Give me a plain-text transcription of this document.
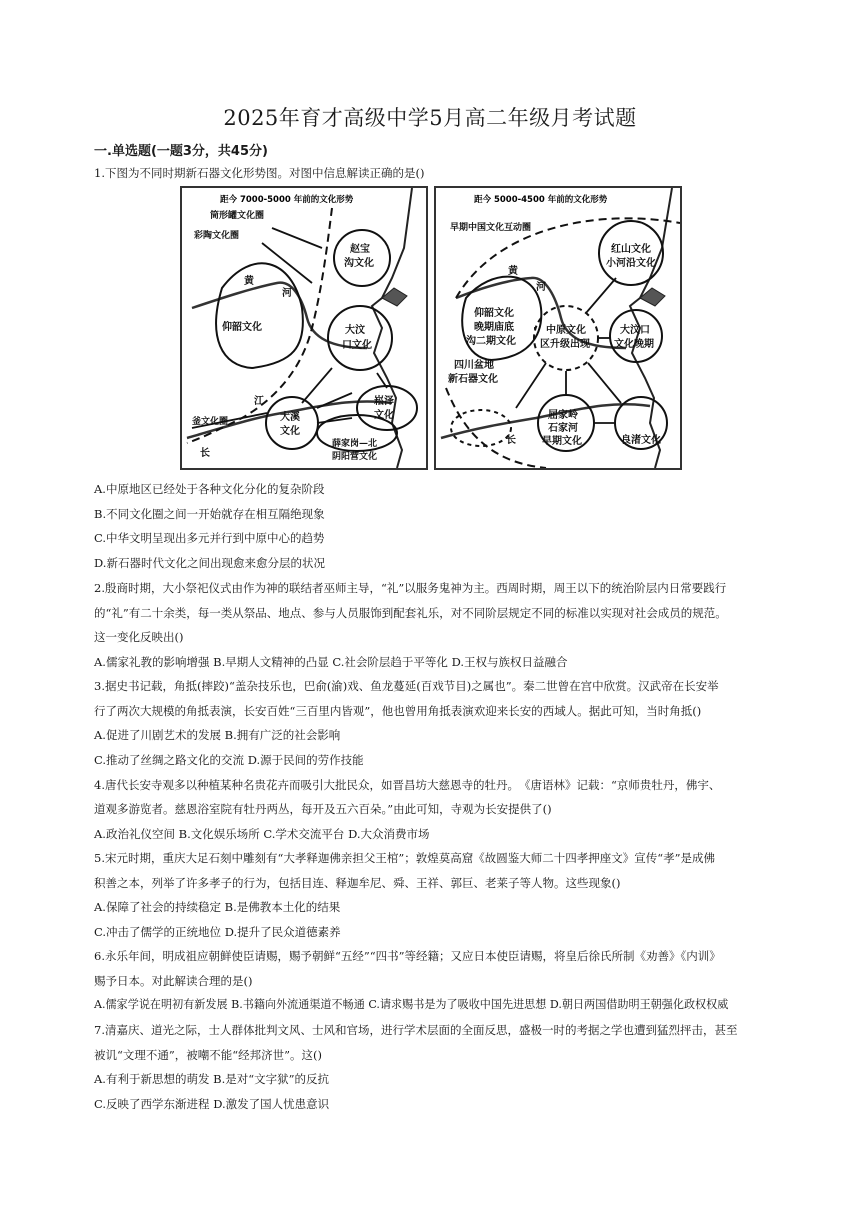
2025年育才高级中学5月高二年级月考试题
一.单选题(一题3分，共45分)
1.下图为不同时期新石器文化形势图。对图中信息解读正确的是()
距今 7000-5000 年前的文化形势
筒形罐文化圈
彩陶文化圈
赵宝
沟文化
黄
河
仰韶文化	大汶
口文化
江
大溪
文化
崧泽
文化
薛家岗—北
阴阳营文化
釜文化圈
长
距今 5000-4500 年前的文化形势
早期中国文化互动圈
红山文化
小河沿文化
黄
河
仰韶文化
晚期庙底
沟二期文化
中原文化
区升级出现
大汶口
文化晚期
四川盆地
新石器文化
屈家岭
石家河
早期文化
长	良渚文化
A.中原地区已经处于各种文化分化的复杂阶段
B.不同文化圈之间一开始就存在相互隔绝现象
C.中华文明呈现出多元并行到中原中心的趋势
D.新石器时代文化之间出现愈来愈分层的状况
2.殷商时期，大小祭祀仪式由作为神的联结者巫师主导，“礼”以服务鬼神为主。西周时期，周王以下的统治阶层内日常要践行
的“礼”有二十余类，每一类从祭品、地点、参与人员服饰到配套礼乐，对不同阶层规定不同的标准以实现对社会成员的规范。
这一变化反映出()
A.儒家礼教的影响增强 B.早期人文精神的凸显 C.社会阶层趋于平等化 D.王权与族权日益融合
3.据史书记载，角抵(摔跤)“盖杂技乐也，巴俞(渝)戏、鱼龙蔓延(百戏节目)之属也”。秦二世曾在宫中欣赏。汉武帝在长安举
行了两次大规模的角抵表演，长安百姓“三百里内皆观”，他也曾用角抵表演欢迎来长安的西域人。据此可知，当时角抵()
A.促进了川剧艺术的发展 B.拥有广泛的社会影响
C.推动了丝绸之路文化的交流 D.源于民间的劳作技能
4.唐代长安寺观多以种植某种名贵花卉而吸引大批民众，如晋昌坊大慈恩寺的牡丹。　《唐语林》记载：“京师贵牡丹，佛宇、
道观多游览者。慈恩浴室院有牡丹两丛，每开及五六百朵。”由此可知，寺观为长安提供了()
A.政治礼仪空间 B.文化娱乐场所 C.学术交流平台 D.大众消费市场
5.宋元时期，重庆大足石刻中雕刻有“大孝释迦佛亲担父王棺”；敦煌莫高窟《故圆鉴大师二十四孝押座文》宣传“孝”是成佛
积善之本，列举了许多孝子的行为，包括目连、释迦牟尼、舜、王祥、郭巨、老莱子等人物。这些现象()
A.保障了社会的持续稳定 B.是佛教本土化的结果
C.冲击了儒学的正统地位 D.提升了民众道德素养
6.永乐年间，明成祖应朝鲜使臣请赐，赐予朝鲜“五经”“四书”等经籍；又应日本使臣请赐，将皇后徐氏所制《劝善》《内训》
赐予日本。对此解读合理的是()
A.儒家学说在明初有新发展 B.书籍向外流通渠道不畅通 C.请求赐书是为了吸收中国先进思想 D.朝日两国借助明王朝强化政权权威
7.清嘉庆、道光之际，士人群体批判文风、士风和官场，进行学术层面的全面反思，盛极一时的考据之学也遭到猛烈抨击，甚至
被讥“文理不通”，被嘲不能“经邦济世”。这()
A.有利于新思想的萌发 B.是对“文字狱”的反抗
C.反映了西学东渐进程 D.激发了国人忧患意识
